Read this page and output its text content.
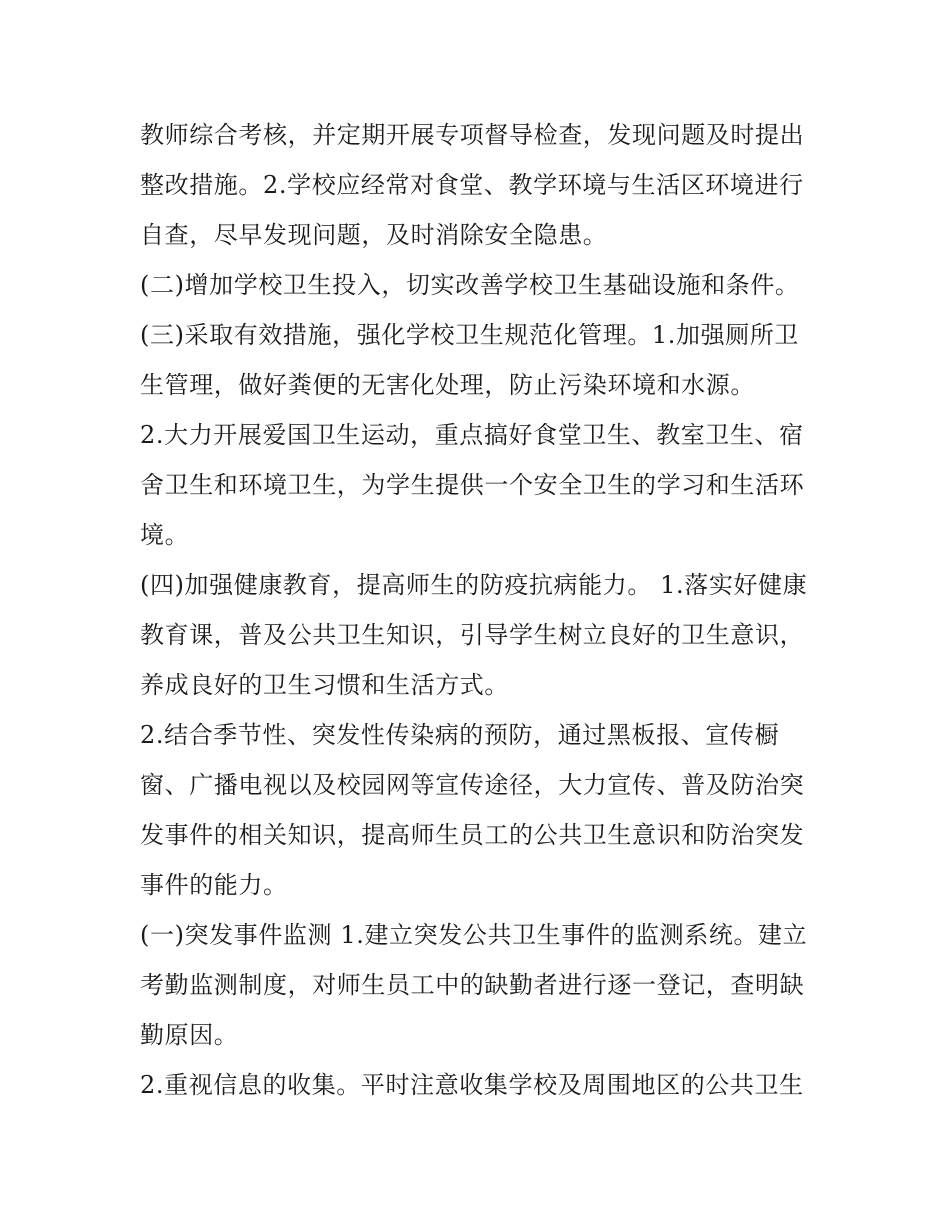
教师综合考核，并定期开展专项督导检查，发现问题及时提出
整改措施。2.学校应经常对食堂、教学环境与生活区环境进行
自查，尽早发现问题，及时消除安全隐患。
(二)增加学校卫生投入，切实改善学校卫生基础设施和条件。
(三)采取有效措施，强化学校卫生规范化管理。1.加强厕所卫
生管理，做好粪便的无害化处理，防止污染环境和水源。
2.大力开展爱国卫生运动，重点搞好食堂卫生、教室卫生、宿
舍卫生和环境卫生，为学生提供一个安全卫生的学习和生活环
境。
(四)加强健康教育，提高师生的防疫抗病能力。 1.落实好健康
教育课，普及公共卫生知识，引导学生树立良好的卫生意识，
养成良好的卫生习惯和生活方式。
2.结合季节性、突发性传染病的预防，通过黑板报、宣传橱
窗、广播电视以及校园网等宣传途径，大力宣传、普及防治突
发事件的相关知识，提高师生员工的公共卫生意识和防治突发
事件的能力。
(一)突发事件监测 1.建立突发公共卫生事件的监测系统。建立
考勤监测制度，对师生员工中的缺勤者进行逐一登记，查明缺
勤原因。
2.重视信息的收集。平时注意收集学校及周围地区的公共卫生
